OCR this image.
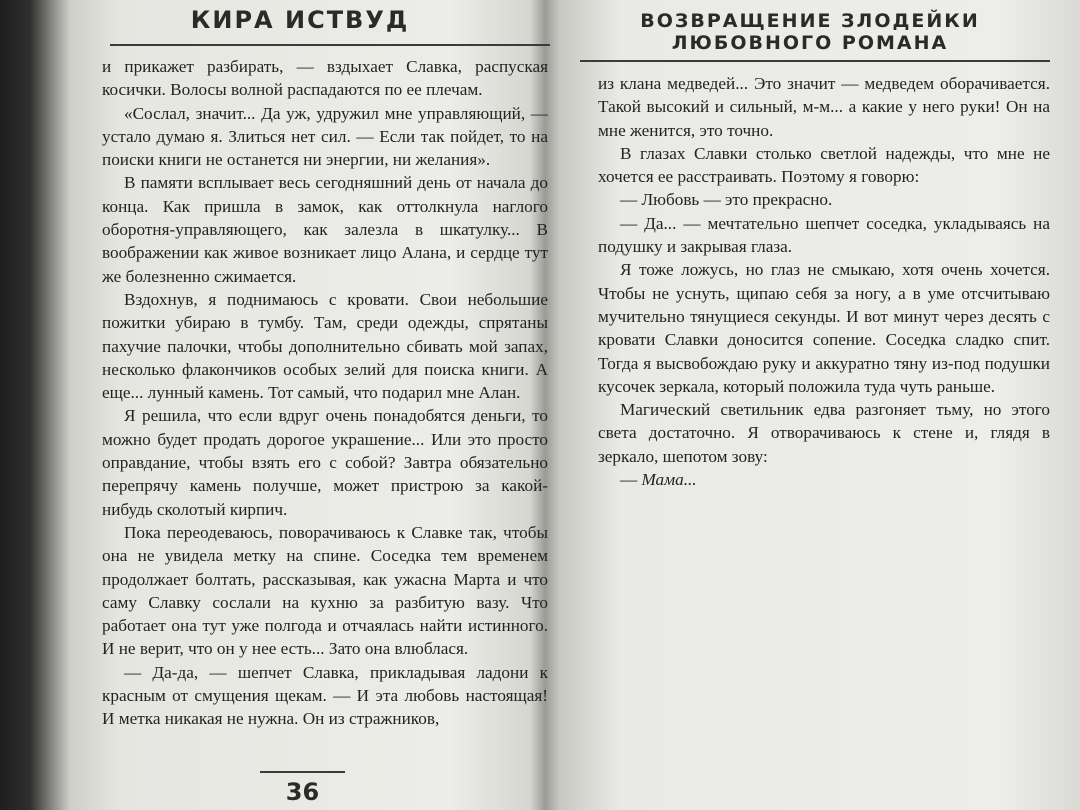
КИРА ИСТВУД

и прикажет разбирать, — вздыхает Славка, распуская косички. Волосы волной распадаются по ее плечам.

«Сослал, значит... Да уж, удружил мне управляющий, — устало думаю я. Злиться нет сил. — Если так пойдет, то на поиски книги не останется ни энергии, ни желания».

В памяти всплывает весь сегодняшний день от начала до конца. Как пришла в замок, как оттолкнула наглого оборотня-управляющего, как залезла в шкатулку... В воображении как живое возникает лицо Алана, и сердце тут же болезненно сжимается.

Вздохнув, я поднимаюсь с кровати. Свои небольшие пожитки убираю в тумбу. Там, среди одежды, спрятаны пахучие палочки, чтобы дополнительно сбивать мой запах, несколько флакончиков особых зелий для поиска книги. А еще... лунный камень. Тот самый, что подарил мне Алан.

Я решила, что если вдруг очень понадобятся деньги, то можно будет продать дорогое украшение... Или это просто оправдание, чтобы взять его с собой? Завтра обязательно перепрячу камень получше, может пристрою за какой-нибудь сколотый кирпич.

Пока переодеваюсь, поворачиваюсь к Славке так, чтобы она не увидела метку на спине. Соседка тем временем продолжает болтать, рассказывая, как ужасна Марта и что саму Славку сослали на кухню за разбитую вазу. Что работает она тут уже полгода и отчаялась найти истинного. И не верит, что он у нее есть... Зато она влюблася.

— Да-да, — шепчет Славка, прикладывая ладони к красным от смущения щекам. — И эта любовь настоящая! И метка никакая не нужна. Он из стражников,

36
ВОЗВРАЩЕНИЕ ЗЛОДЕЙКИ
ЛЮБОВНОГО РОМАНА

из клана медведей... Это значит — медведем оборачивается. Такой высокий и сильный, м-м... а какие у него руки! Он на мне женится, это точно.

В глазах Славки столько светлой надежды, что мне не хочется ее расстраивать. Поэтому я говорю:

— Любовь — это прекрасно.

— Да... — мечтательно шепчет соседка, укладываясь на подушку и закрывая глаза.

Я тоже ложусь, но глаз не смыкаю, хотя очень хочется. Чтобы не уснуть, щипаю себя за ногу, а в уме отсчитываю мучительно тянущиеся секунды. И вот минут через десять с кровати Славки доносится сопение. Соседка сладко спит. Тогда я высвобождаю руку и аккуратно тяну из-под подушки кусочек зеркала, который положила туда чуть раньше.

Магический светильник едва разгоняет тьму, но этого света достаточно. Я отворачиваюсь к стене и, глядя в зеркало, шепотом зову:

— Мама...
